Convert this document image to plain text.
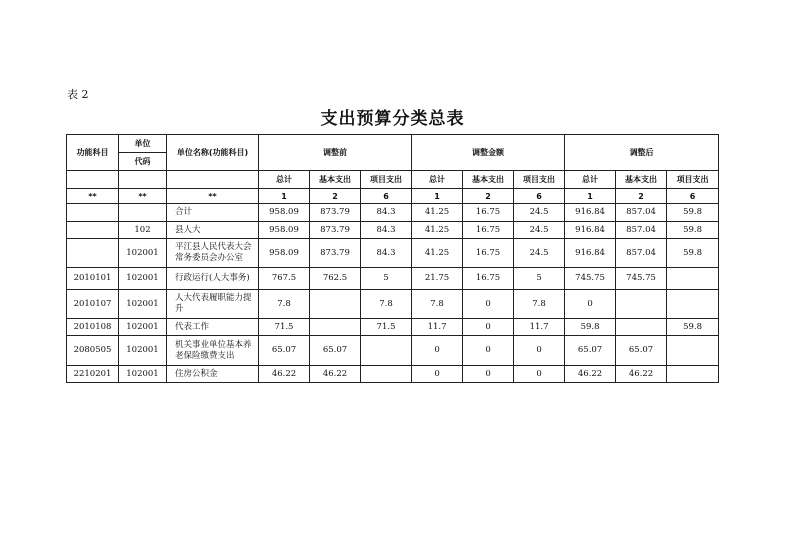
表 2
支出预算分类总表
功能科目	单位	单位名称(功能科目)	调整前			调整金额			调整后		
	代码										
			总计	基本支出	项目支出	总计	基本支出	项目支出	总计	基本支出	项目支出
**	**	**	1	2	6	1	2	6	1	2	6
		合计	958.09	873.79	84.3	41.25	16.75	24.5	916.84	857.04	59.8
	102	县人大	958.09	873.79	84.3	41.25	16.75	24.5	916.84	857.04	59.8
	102001	平江县人民代表大会常务委员会办公室	958.09	873.79	84.3	41.25	16.75	24.5	916.84	857.04	59.8
2010101	102001	行政运行(人大事务)	767.5	762.5	5	21.75	16.75	5	745.75	745.75	
2010107	102001	人大代表履职能力提升	7.8		7.8	7.8	0	7.8	0		
2010108	102001	代表工作	71.5		71.5	11.7	0	11.7	59.8		59.8
2080505	102001	机关事业单位基本养老保险缴费支出	65.07	65.07		0	0	0	65.07	65.07	
2210201	102001	住房公积金	46.22	46.22		0	0	0	46.22	46.22	
